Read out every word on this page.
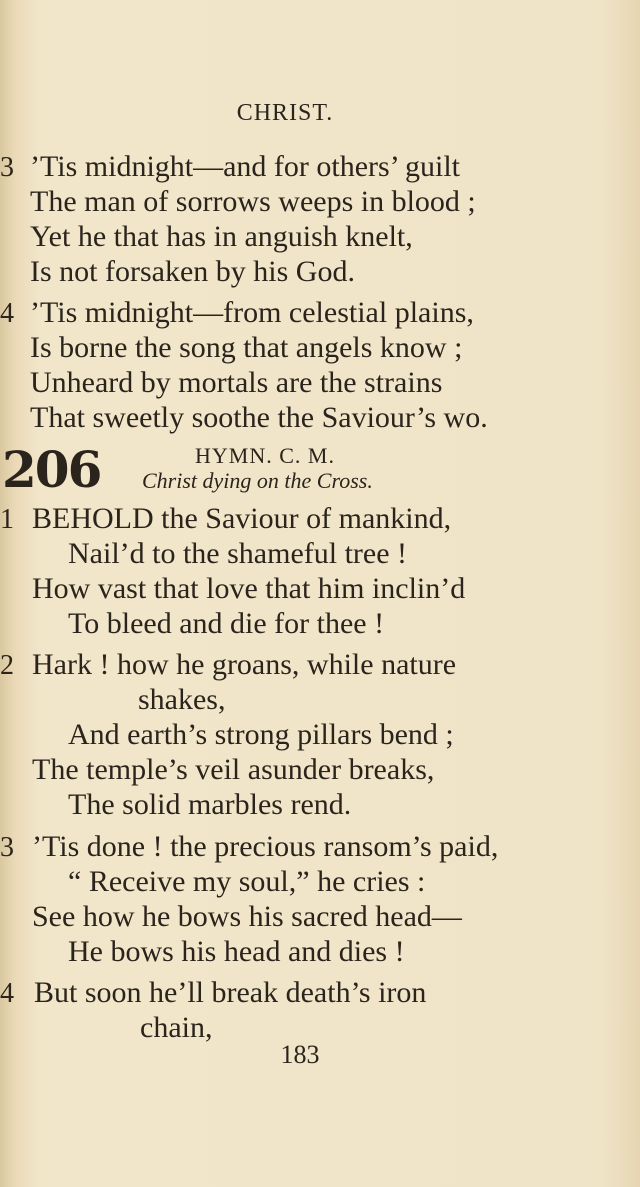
CHRIST.
3 ’Tis midnight—and for others’ guilt
The man of sorrows weeps in blood ;
Yet he that has in anguish knelt,
Is not forsaken by his God.
4 ’Tis midnight—from celestial plains,
Is borne the song that angels know ;
Unheard by mortals are the strains
That sweetly soothe the Saviour’s wo.
206	HYMN. C. M.
Christ dying on the Cross.
1 BEHOLD the Saviour of mankind,
Nail’d to the shameful tree !
How vast that love that him inclin’d
To bleed and die for thee !
2 Hark ! how he groans, while nature
shakes,
And earth’s strong pillars bend ;
The temple’s veil asunder breaks,
The solid marbles rend.
3 ’Tis done ! the precious ransom’s paid,
“ Receive my soul,” he cries :
See how he bows his sacred head—
He bows his head and dies !
4 But soon he’ll break death’s iron
chain,
183
